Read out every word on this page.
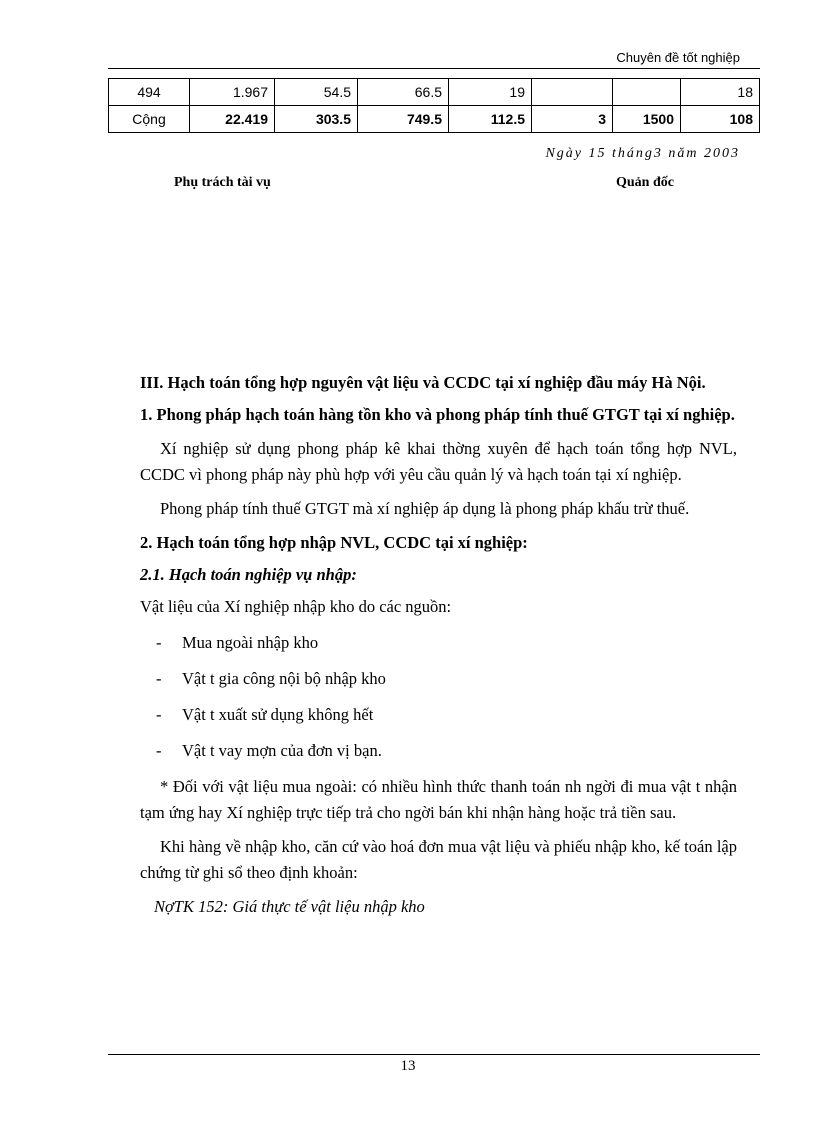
Chuyên đề tốt nghiệp
494	1.967	54.5	66.5	19			18
Cộng	22.419	303.5	749.5	112.5	3	1500	108
Ngày 15 tháng3 năm 2003
Phụ trách tài vụ	Quản đốc

III. Hạch toán tổng hợp nguyên vật liệu và CCDC tại xí nghiệp đầu máy Hà Nội.

1. Phong pháp hạch toán hàng tồn kho và phong pháp tính thuế GTGT tại xí nghiệp.

Xí nghiệp sử dụng phong pháp kê khai thờng xuyên để hạch toán tổng hợp NVL, CCDC vì phong pháp này phù hợp với yêu cầu quản lý và hạch toán tại xí nghiệp.

Phong pháp tính thuế GTGT mà xí nghiệp áp dụng là phong pháp khấu trừ thuế.

2. Hạch toán tổng hợp nhập NVL, CCDC tại xí nghiệp:

2.1. Hạch toán nghiệp vụ nhập:

Vật liệu của Xí nghiệp nhập kho do các nguồn:

- Mua ngoài nhập kho

- Vật t gia công nội bộ nhập kho

- Vật t xuất sử dụng không hết

- Vật t vay mợn của đơn vị bạn.

* Đối với vật liệu mua ngoài: có nhiều hình thức thanh toán nh ngời đi mua vật t nhận tạm ứng hay Xí nghiệp trực tiếp trả cho ngời bán khi nhận hàng hoặc trả tiền sau.

Khi hàng về nhập kho, căn cứ vào hoá đơn mua vật liệu và phiếu nhập kho, kế toán lập chứng từ ghi sổ theo định khoản:

NợTK 152: Giá thực tế vật liệu nhập kho

13
